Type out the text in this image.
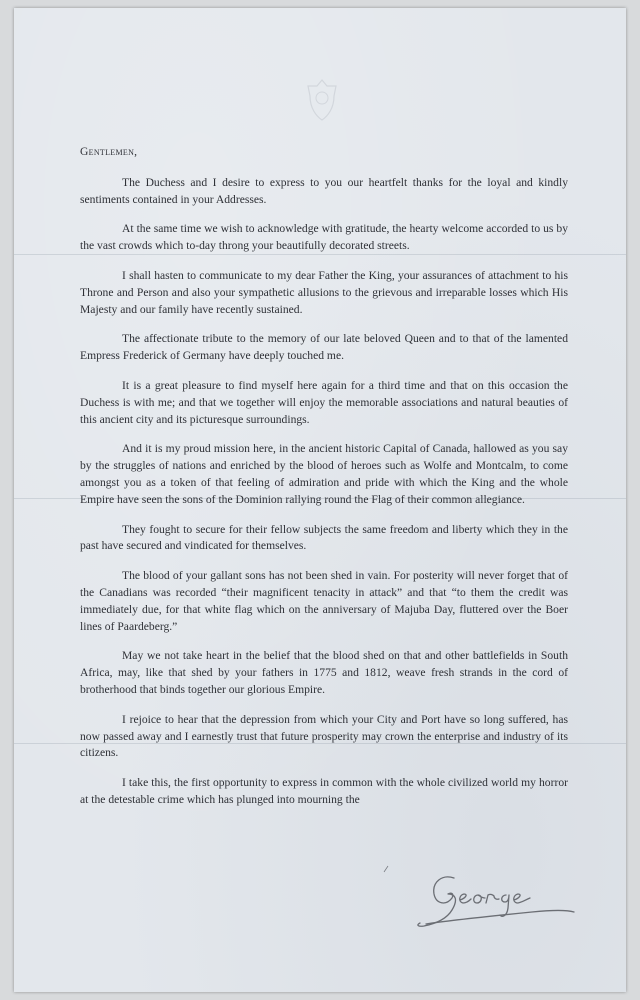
Gentlemen,

The Duchess and I desire to express to you our heartfelt thanks for the loyal and kindly sentiments contained in your Addresses.

At the same time we wish to acknowledge with gratitude, the hearty welcome accorded to us by the vast crowds which to-day throng your beautifully decorated streets.

I shall hasten to communicate to my dear Father the King, your assurances of attachment to his Throne and Person and also your sympathetic allusions to the grievous and irreparable losses which His Majesty and our family have recently sustained.

The affectionate tribute to the memory of our late beloved Queen and to that of the lamented Empress Frederick of Germany have deeply touched me.

It is a great pleasure to find myself here again for a third time and that on this occasion the Duchess is with me; and that we together will enjoy the memorable associations and natural beauties of this ancient city and its picturesque surroundings.

And it is my proud mission here, in the ancient historic Capital of Canada, hallowed as you say by the struggles of nations and enriched by the blood of heroes such as Wolfe and Montcalm, to come amongst you as a token of that feeling of admiration and pride with which the King and the whole Empire have seen the sons of the Dominion rallying round the Flag of their common allegiance.

They fought to secure for their fellow subjects the same freedom and liberty which they in the past have secured and vindicated for themselves.

The blood of your gallant sons has not been shed in vain. For posterity will never forget that of the Canadians was recorded “their magnificent tenacity in attack” and that “to them the credit was immediately due, for that white flag which on the anniversary of Majuba Day, fluttered over the Boer lines of Paardeberg.”

May we not take heart in the belief that the blood shed on that and other battlefields in South Africa, may, like that shed by your fathers in 1775 and 1812, weave fresh strands in the cord of brotherhood that binds together our glorious Empire.

I rejoice to hear that the depression from which your City and Port have so long suffered, has now passed away and I earnestly trust that future prosperity may crown the enterprise and industry of its citizens.

I take this, the first opportunity to express in common with the whole civilized world my horror at the detestable crime which has plunged into mourning the
